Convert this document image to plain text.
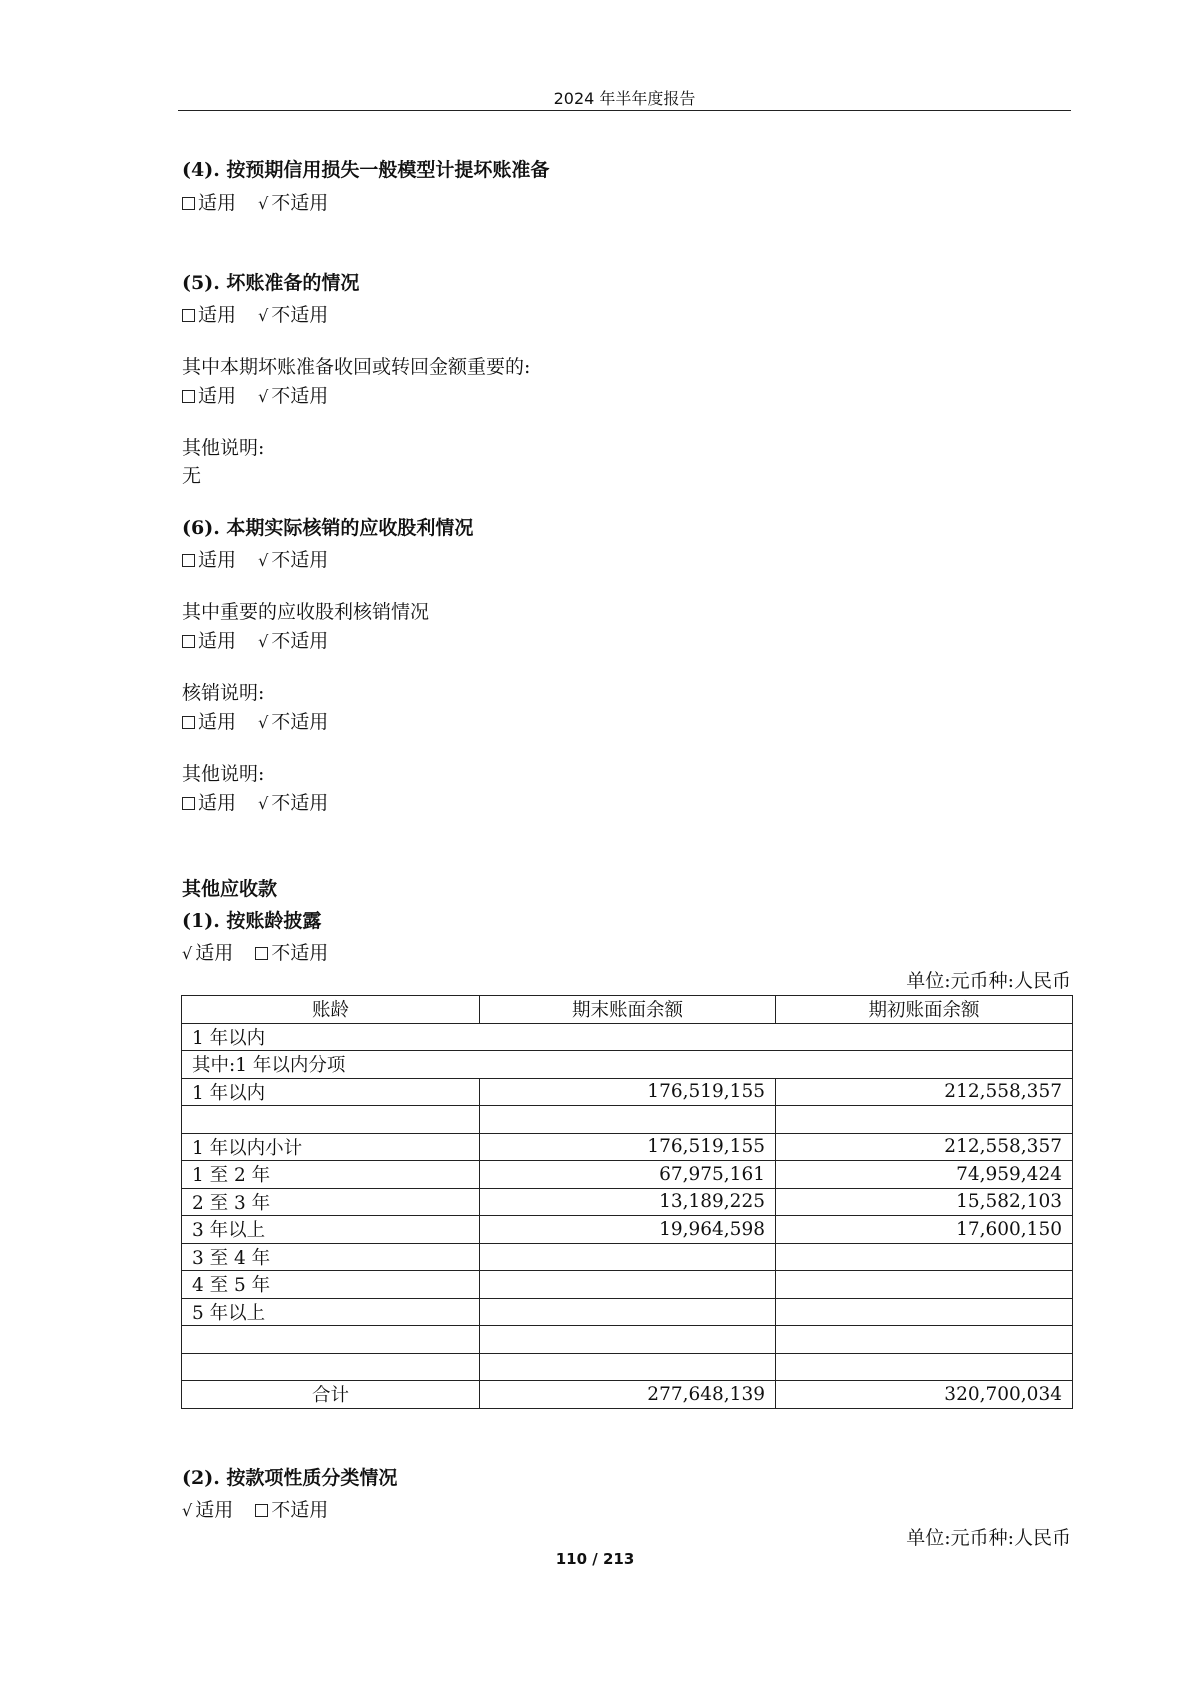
2024 年半年度报告
(4). 按预期信用损失一般模型计提坏账准备
适用 √ 不适用
(5). 坏账准备的情况
适用 √ 不适用
其中本期坏账准备收回或转回金额重要的:
适用 √ 不适用
其他说明:
无
(6). 本期实际核销的应收股利情况
适用 √ 不适用
其中重要的应收股利核销情况
适用 √ 不适用
核销说明:
适用 √ 不适用
其他说明:
适用 √ 不适用
其他应收款
(1). 按账龄披露
√ 适用 不适用
单位:元币种:人民币
账龄	期末账面余额	期初账面余额
1 年以内		
其中:1 年以内分项		
1 年以内	176,519,155	212,558,357

1 年以内小计	176,519,155	212,558,357
1 至 2 年	67,975,161	74,959,424
2 至 3 年	13,189,225	15,582,103
3 年以上	19,964,598	17,600,150
3 至 4 年		
4 至 5 年		
5 年以上		

合计	277,648,139	320,700,034
(2). 按款项性质分类情况
√ 适用 不适用
单位:元币种:人民币
110 / 213
